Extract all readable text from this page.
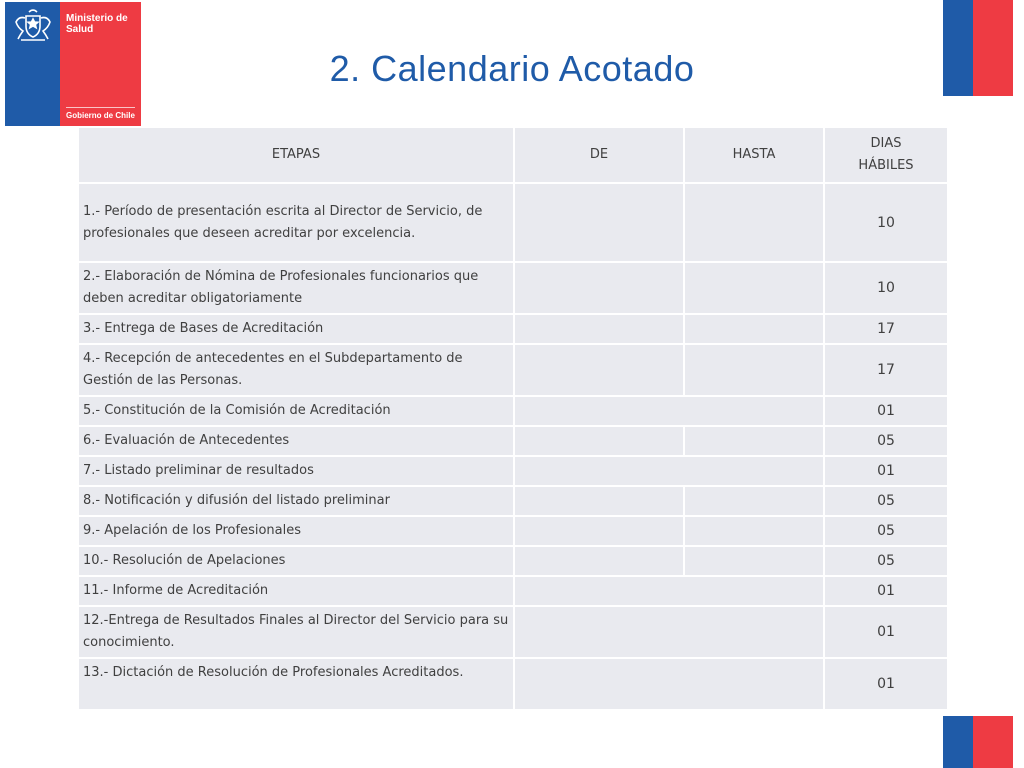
Ministerio de
Salud
Gobierno de Chile
2. Calendario Acotado
ETAPAS	DE	HASTA	DIAS
HÁBILES

1.- Período de presentación escrita al Director de Servicio, de profesionales que deseen acreditar por excelencia.			10
2.- Elaboración de Nómina de Profesionales funcionarios que deben acreditar obligatoriamente			10
3.- Entrega de Bases de Acreditación			17
4.- Recepción de antecedentes en el Subdepartamento de Gestión de las Personas.			17
5.- Constitución de la Comisión de Acreditación			01
6.- Evaluación de Antecedentes			05
7.- Listado preliminar de resultados			01
8.- Notificación y difusión del listado preliminar			05
9.- Apelación de los Profesionales			05
10.- Resolución de Apelaciones			05
11.- Informe de Acreditación			01
12.-Entrega de Resultados Finales al Director del Servicio para su conocimiento.			01
13.- Dictación de Resolución de Profesionales Acreditados.			01
